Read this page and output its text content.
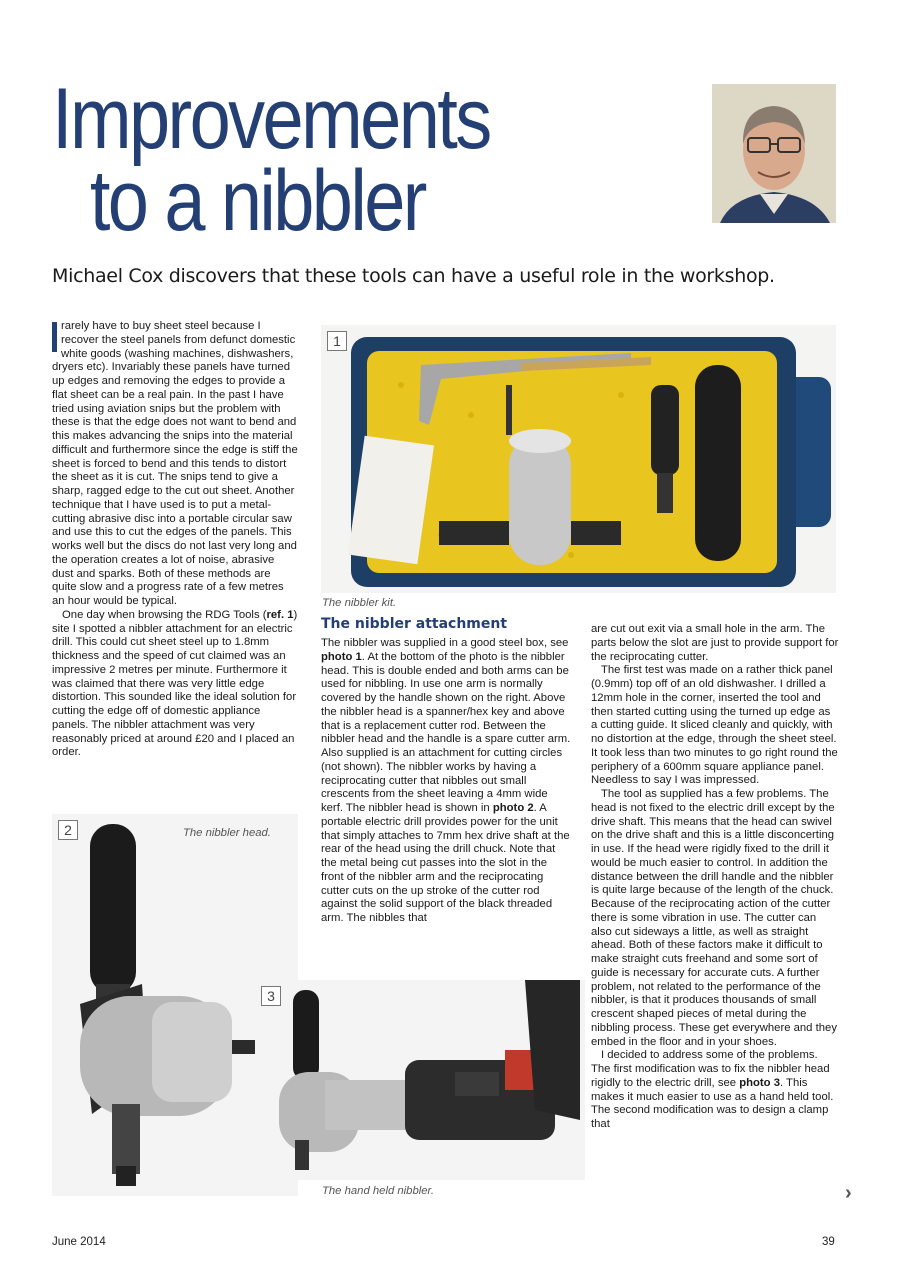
Improvements
to a nibbler

Michael Cox discovers that these tools can have a useful role in the workshop.

rarely have to buy sheet steel because I recover the steel panels from defunct domestic white goods (washing machines, dishwashers, dryers etc). Invariably these panels have turned up edges and removing the edges to provide a flat sheet can be a real pain. In the past I have tried using aviation snips but the problem with these is that the edge does not want to bend and this makes advancing the snips into the material difficult and furthermore since the edge is stiff the sheet is forced to bend and this tends to distort the sheet as it is cut. The snips tend to give a sharp, ragged edge to the cut out sheet. Another technique that I have used is to put a metal-cutting abrasive disc into a portable circular saw and use this to cut the edges of the panels. This works well but the discs do not last very long and the operation creates a lot of noise, abrasive dust and sparks. Both of these methods are quite slow and a progress rate of a few metres an hour would be typical.

One day when browsing the RDG Tools (ref. 1) site I spotted a nibbler attachment for an electric drill. This could cut sheet steel up to 1.8mm thickness and the speed of cut claimed was an impressive 2 metres per minute. Furthermore it was claimed that there was very little edge distortion. This sounded like the ideal solution for cutting the edge off of domestic appliance panels. The nibbler attachment was very reasonably priced at around £20 and I placed an order.

1
The nibbler kit.
2	The nibbler head.
3
The hand held nibbler.
The nibbler attachment

The nibbler was supplied in a good steel box, see photo 1. At the bottom of the photo is the nibbler head. This is double ended and both arms can be used for nibbling. In use one arm is normally covered by the handle shown on the right. Above the nibbler head is a spanner/hex key and above that is a replacement cutter rod. Between the nibbler head and the handle is a spare cutter arm. Also supplied is an attachment for cutting circles (not shown). The nibbler works by having a reciprocating cutter that nibbles out small crescents from the sheet leaving a 4mm wide kerf. The nibbler head is shown in photo 2. A portable electric drill provides power for the unit that simply attaches to 7mm hex drive shaft at the rear of the head using the drill chuck. Note that the metal being cut passes into the slot in the front of the nibbler arm and the reciprocating cutter cuts on the up stroke of the cutter rod against the solid support of the black threaded arm. The nibbles that

are cut out exit via a small hole in the arm. The parts below the slot are just to provide support for the reciprocating cutter.

The first test was made on a rather thick panel (0.9mm) top off of an old dishwasher. I drilled a 12mm hole in the corner, inserted the tool and then started cutting using the turned up edge as a cutting guide. It sliced cleanly and quickly, with no distortion at the edge, through the sheet steel. It took less than two minutes to go right round the periphery of a 600mm square appliance panel. Needless to say I was impressed.

The tool as supplied has a few problems. The head is not fixed to the electric drill except by the drive shaft. This means that the head can swivel on the drive shaft and this is a little disconcerting in use. If the head were rigidly fixed to the drill it would be much easier to control. In addition the distance between the drill handle and the nibbler is quite large because of the length of the chuck. Because of the reciprocating action of the cutter there is some vibration in use. The cutter can also cut sideways a little, as well as straight ahead. Both of these factors make it difficult to make straight cuts freehand and some sort of guide is necessary for accurate cuts. A further problem, not related to the performance of the nibbler, is that it produces thousands of small crescent shaped pieces of metal during the nibbling process. These get everywhere and they embed in the floor and in your shoes.

I decided to address some of the problems. The first modification was to fix the nibbler head rigidly to the electric drill, see photo 3. This makes it much easier to use as a hand held tool. The second modification was to design a clamp that

›
June 2014	39
